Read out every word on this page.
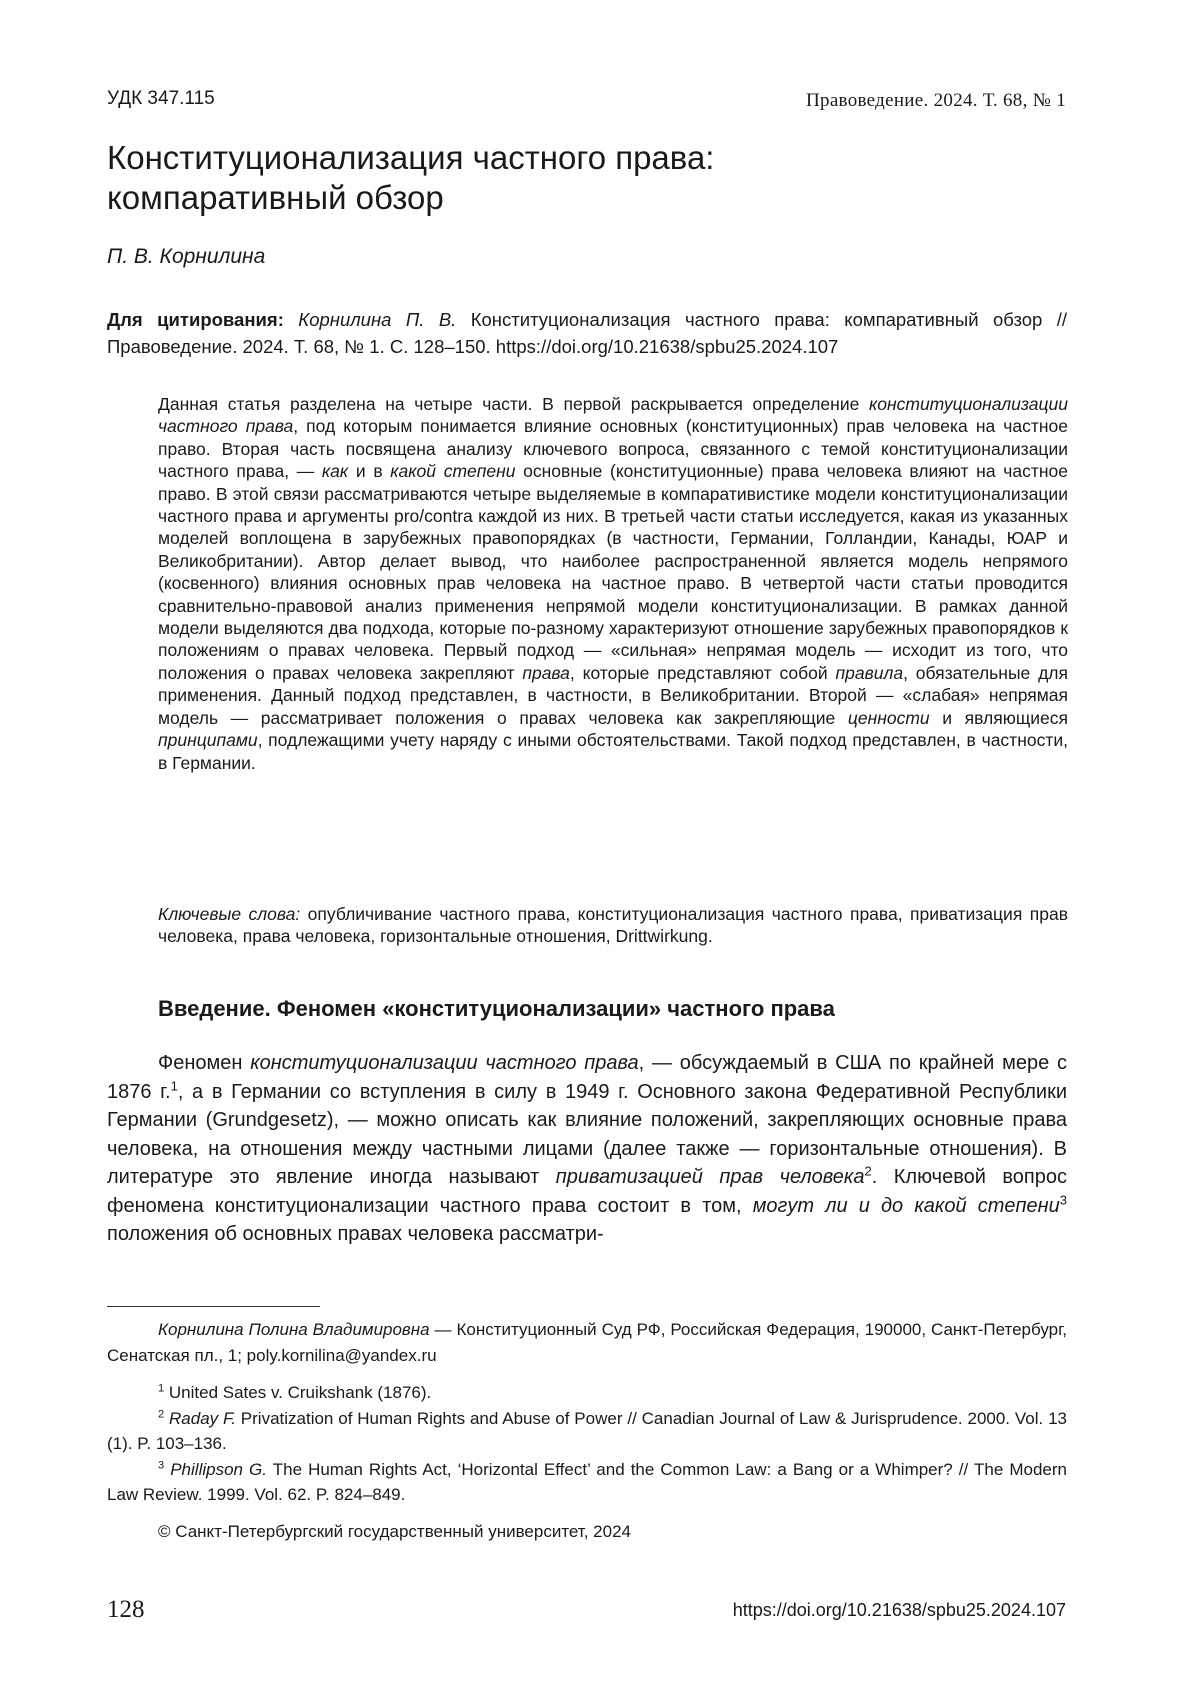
УДК 347.115	Правоведение. 2024. Т. 68, № 1
Конституционализация частного права:
компаративный обзор
П. В. Корнилина

Для цитирования: Корнилина П. В. Конституционализация частного права: компаративный обзор // Правоведение. 2024. Т. 68, № 1. С. 128–150. https://doi.org/10.21638/spbu25.2024.107

Данная статья разделена на четыре части. В первой раскрывается определение конституционализации частного права, под которым понимается влияние основных (конституционных) прав человека на частное право. Вторая часть посвящена анализу ключевого вопроса, связанного с темой конституционализации частного права, — как и в какой степени основные (конституционные) права человека влияют на частное право. В этой связи рассматриваются четыре выделяемые в компаративистике модели конституционализации частного права и аргументы pro/contra каждой из них. В третьей части статьи исследуется, какая из указанных моделей воплощена в зарубежных правопорядках (в частности, Германии, Голландии, Канады, ЮАР и Великобритании). Автор делает вывод, что наиболее распространенной является модель непрямого (косвенного) влияния основных прав человека на частное право. В четвертой части статьи проводится сравнительно-правовой анализ применения непрямой модели конституционализации. В рамках данной модели выделяются два подхода, которые по-разному характеризуют отношение зарубежных правопорядков к положениям о правах человека. Первый подход — «сильная» непрямая модель — исходит из того, что положения о правах человека закрепляют права, которые представляют собой правила, обязательные для применения. Данный подход представлен, в частности, в Великобритании. Второй — «слабая» непрямая модель — рассматривает положения о правах человека как закрепляющие ценности и являющиеся принципами, подлежащими учету наряду с иными обстоятельствами. Такой подход представлен, в частности, в Германии.

Ключевые слова: опубличивание частного права, конституционализация частного права, приватизация прав человека, права человека, горизонтальные отношения, Drittwirkung.

Введение. Феномен «конституционализации» частного права

Феномен конституционализации частного права, — обсуждаемый в США по крайней мере с 1876 г.$^1$, а в Германии со вступления в силу в 1949 г. Основного закона Федеративной Республики Германии (Grundgesetz), — можно описать как влияние положений, закрепляющих основные права человека, на отношения между частными лицами (далее также — горизонтальные отношения). В литературе это явление иногда называют приватизацией прав человека$^2$. Ключевой вопрос феномена конституционализации частного права состоит в том, могут ли и до какой степени$^3$ положения об основных правах человека рассматри-

Корнилина Полина Владимировна — Конституционный Суд РФ, Российская Федерация, 190000, Санкт-Петербург, Сенатская пл., 1; poly.kornilina@yandex.ru

$^1$ United Sates v. Cruikshank (1876).

$^2$ Raday F. Privatization of Human Rights and Abuse of Power // Canadian Journal of Law & Jurisprudence. 2000. Vol. 13 (1). P. 103–136.

$^3$ Phillipson G. The Human Rights Act, ‘Horizontal Effect’ and the Common Law: a Bang or a Whimper? // The Modern Law Review. 1999. Vol. 62. P. 824–849.

© Санкт-Петербургский государственный университет, 2024
128	https://doi.org/10.21638/spbu25.2024.107
